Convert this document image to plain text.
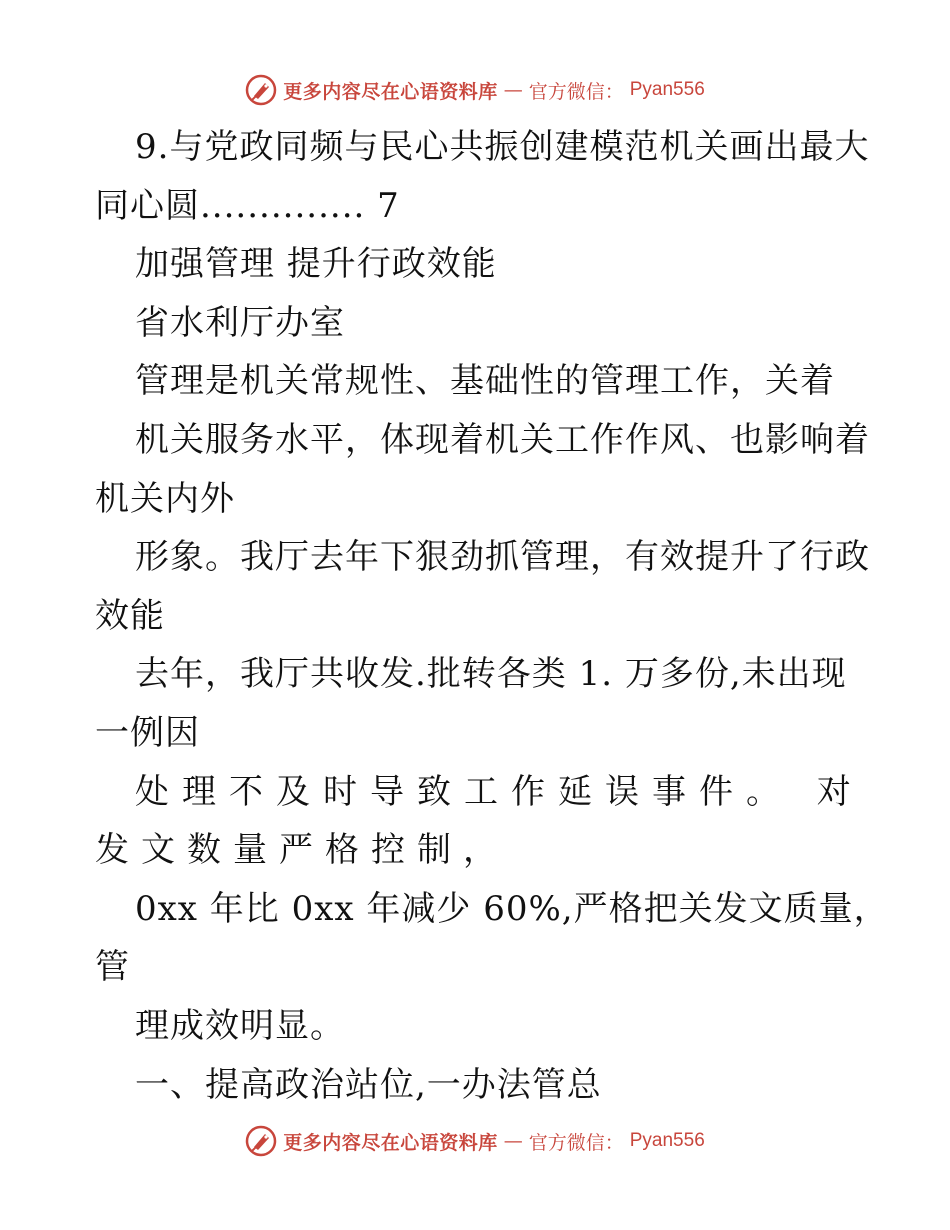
更多内容尽在心语资料库 — 官方微信： Pyan556
9.与党政同频与民心共振创建模范机关画出最大
同心圆.............. 7
加强管理 提升行政效能
省水利厅办室
管理是机关常规性、基础性的管理工作，关着
机关服务水平，体现着机关工作作风、也影响着
机关内外
形象。我厅去年下狠劲抓管理，有效提升了行政
效能
去年，我厅共收发.批转各类 1. 万多份,未出现
一例因
处理不及时导致工作延误事件。 对
发文数量严格控制，
0xx 年比 0xx 年减少 60%,严格把关发文质量，
管
理成效明显。
一、提高政治站位,一办法管总
更多内容尽在心语资料库 — 官方微信： Pyan556
